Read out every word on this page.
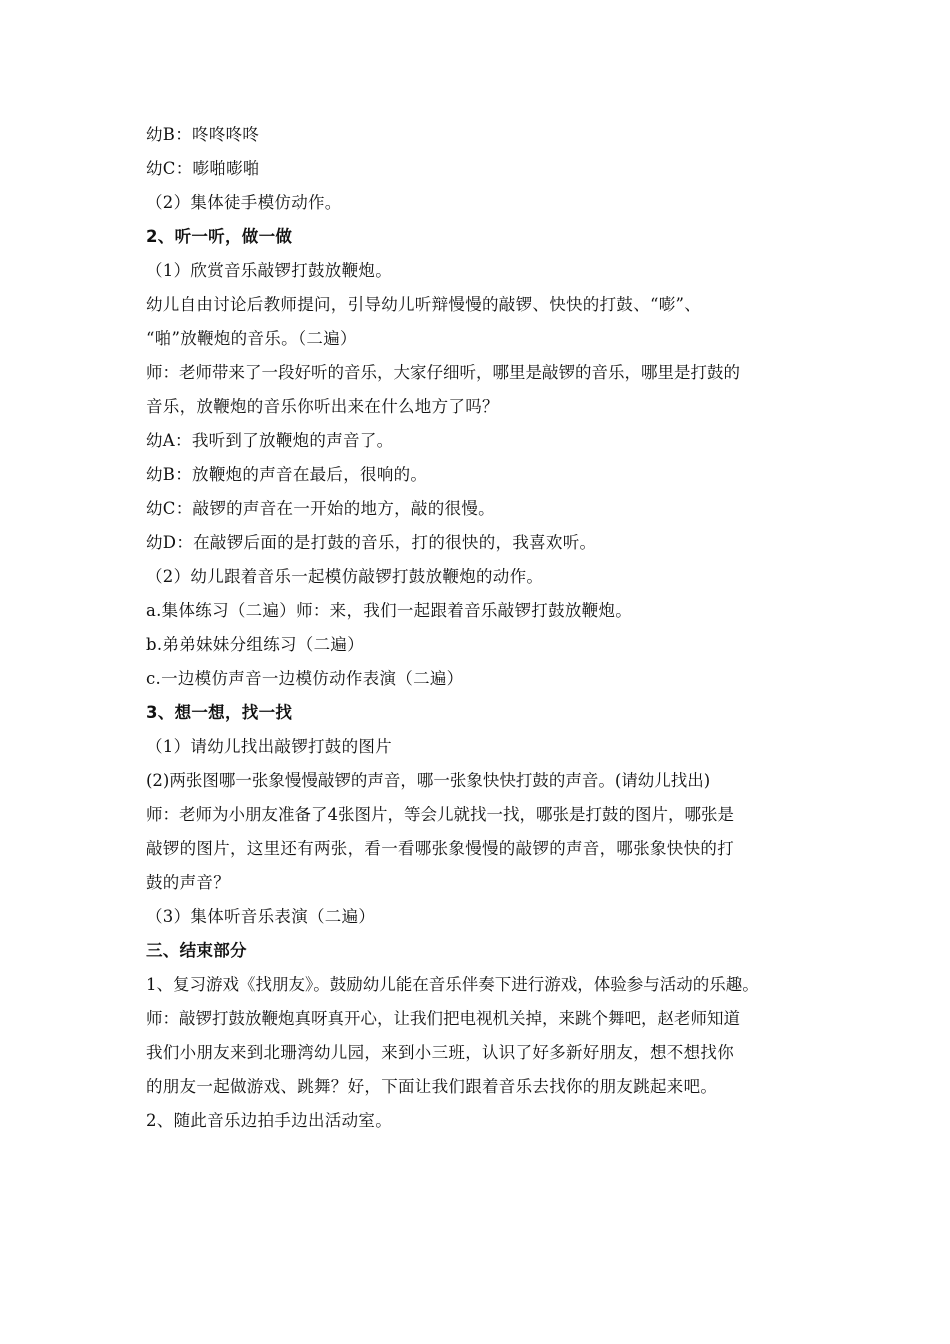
幼B：咚咚咚咚
幼C：嘭啪嘭啪
（2）集体徒手模仿动作。
2、听一听，做一做
（1）欣赏音乐敲锣打鼓放鞭炮。
幼儿自由讨论后教师提问，引导幼儿听辩慢慢的敲锣、快快的打鼓、“嘭”、
“啪”放鞭炮的音乐。（二遍）
师：老师带来了一段好听的音乐，大家仔细听，哪里是敲锣的音乐，哪里是打鼓的
音乐，放鞭炮的音乐你听出来在什么地方了吗？
幼A：我听到了放鞭炮的声音了。
幼B：放鞭炮的声音在最后，很响的。
幼C：敲锣的声音在一开始的地方，敲的很慢。
幼D：在敲锣后面的是打鼓的音乐，打的很快的，我喜欢听。
（2）幼儿跟着音乐一起模仿敲锣打鼓放鞭炮的动作。
a.集体练习（二遍）师：来，我们一起跟着音乐敲锣打鼓放鞭炮。
b.弟弟妹妹分组练习（二遍）
c.一边模仿声音一边模仿动作表演（二遍）
3、想一想，找一找
（1）请幼儿找出敲锣打鼓的图片
(2)两张图哪一张象慢慢敲锣的声音，哪一张象快快打鼓的声音。(请幼儿找出)
师：老师为小朋友准备了4张图片，等会儿就找一找，哪张是打鼓的图片，哪张是
敲锣的图片，这里还有两张，看一看哪张象慢慢的敲锣的声音，哪张象快快的打
鼓的声音？
（3）集体听音乐表演（二遍）
三、结束部分
1、复习游戏《找朋友》。鼓励幼儿能在音乐伴奏下进行游戏，体验参与活动的乐趣。
师：敲锣打鼓放鞭炮真呀真开心，让我们把电视机关掉，来跳个舞吧，赵老师知道
我们小朋友来到北珊湾幼儿园，来到小三班，认识了好多新好朋友，想不想找你
的朋友一起做游戏、跳舞？好，下面让我们跟着音乐去找你的朋友跳起来吧。
2、随此音乐边拍手边出活动室。
